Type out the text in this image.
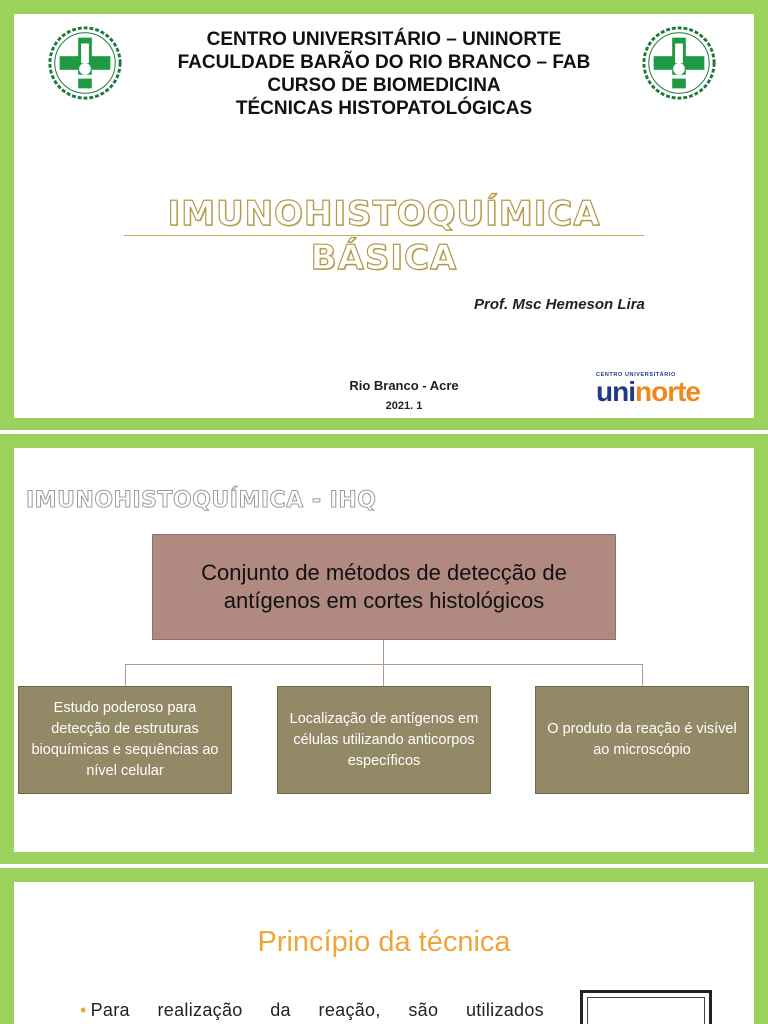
CENTRO UNIVERSITÁRIO – UNINORTE
FACULDADE BARÃO DO RIO BRANCO – FAB
CURSO DE BIOMEDICINA
TÉCNICAS HISTOPATOLÓGICAS
IMUNOHISTOQUÍMICA
BÁSICA
Prof. Msc Hemeson Lira
Rio Branco - Acre
2021. 1
CENTRO UNIVERSITÁRIO
uninorte
IMUNOHISTOQUÍMICA - IHQ
Conjunto de métodos de detecção de antígenos em cortes histológicos
Estudo poderoso para detecção de estruturas bioquímicas e sequências ao nível celular
Localização de antígenos em células utilizando anticorpos específicos
O produto da reação é visível ao microscópio
Princípio da técnica
• Para realização da reação, são utilizados
